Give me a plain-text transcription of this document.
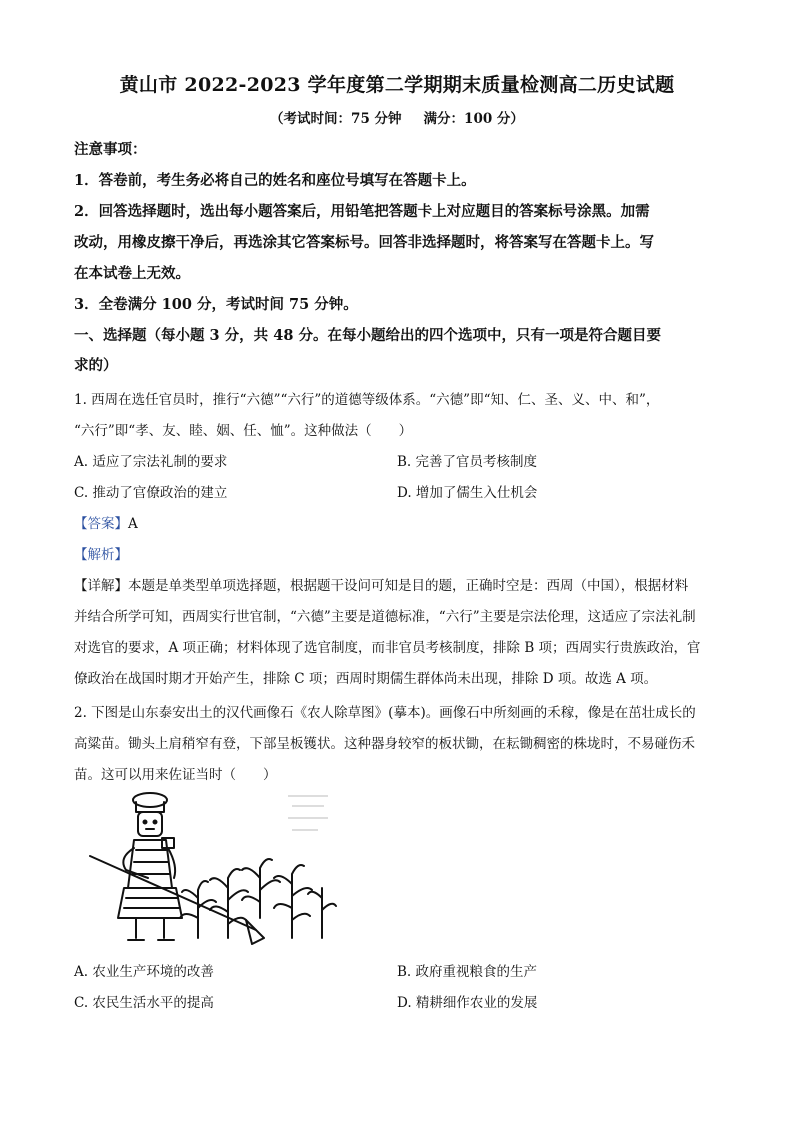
黄山市 2022-2023 学年度第二学期期末质量检测高二历史试题
（考试时间：75 分钟 满分：100 分）
注意事项：
1．答卷前，考生务必将自己的姓名和座位号填写在答题卡上。
2．回答选择题时，选出每小题答案后，用铅笔把答题卡上对应题目的答案标号涂黑。加需
改动，用橡皮擦干净后，再选涂其它答案标号。回答非选择题时，将答案写在答题卡上。写
在本试卷上无效。
3．全卷满分 100 分，考试时间 75 分钟。
一、选择题（每小题 3 分，共 48 分。在每小题给出的四个选项中，只有一项是符合题目要
求的）
1. 西周在选任官员时，推行“六德”“六行”的道德等级体系。“六德”即“知、仁、圣、义、中、和”，
“六行”即“孝、友、睦、姻、任、恤”。这种做法（　　）
A. 适应了宗法礼制的要求	B. 完善了官员考核制度
C. 推动了官僚政治的建立	D. 增加了儒生入仕机会
【答案】A
【解析】
【详解】本题是单类型单项选择题，根据题干设问可知是目的题，正确时空是：西周（中国），根据材料
并结合所学可知，西周实行世官制，“六德”主要是道德标准，“六行”主要是宗法伦理，这适应了宗法礼制
对选官的要求，A 项正确；材料体现了选官制度，而非官员考核制度，排除 B 项；西周实行贵族政治，官
僚政治在战国时期才开始产生，排除 C 项；西周时期儒生群体尚未出现，排除 D 项。故选 A 项。
2. 下图是山东泰安出土的汉代画像石《农人除草图》(摹本)。画像石中所刻画的禾稼，像是在茁壮成长的
高粱苗。锄头上肩稍窄有登，下部呈板镬状。这种器身较窄的板状锄，在耘锄稠密的株垅时，不易碰伤禾
苗。这可以用来佐证当时（　　）
A. 农业生产环境的改善	B. 政府重视粮食的生产
C. 农民生活水平的提高	D. 精耕细作农业的发展
